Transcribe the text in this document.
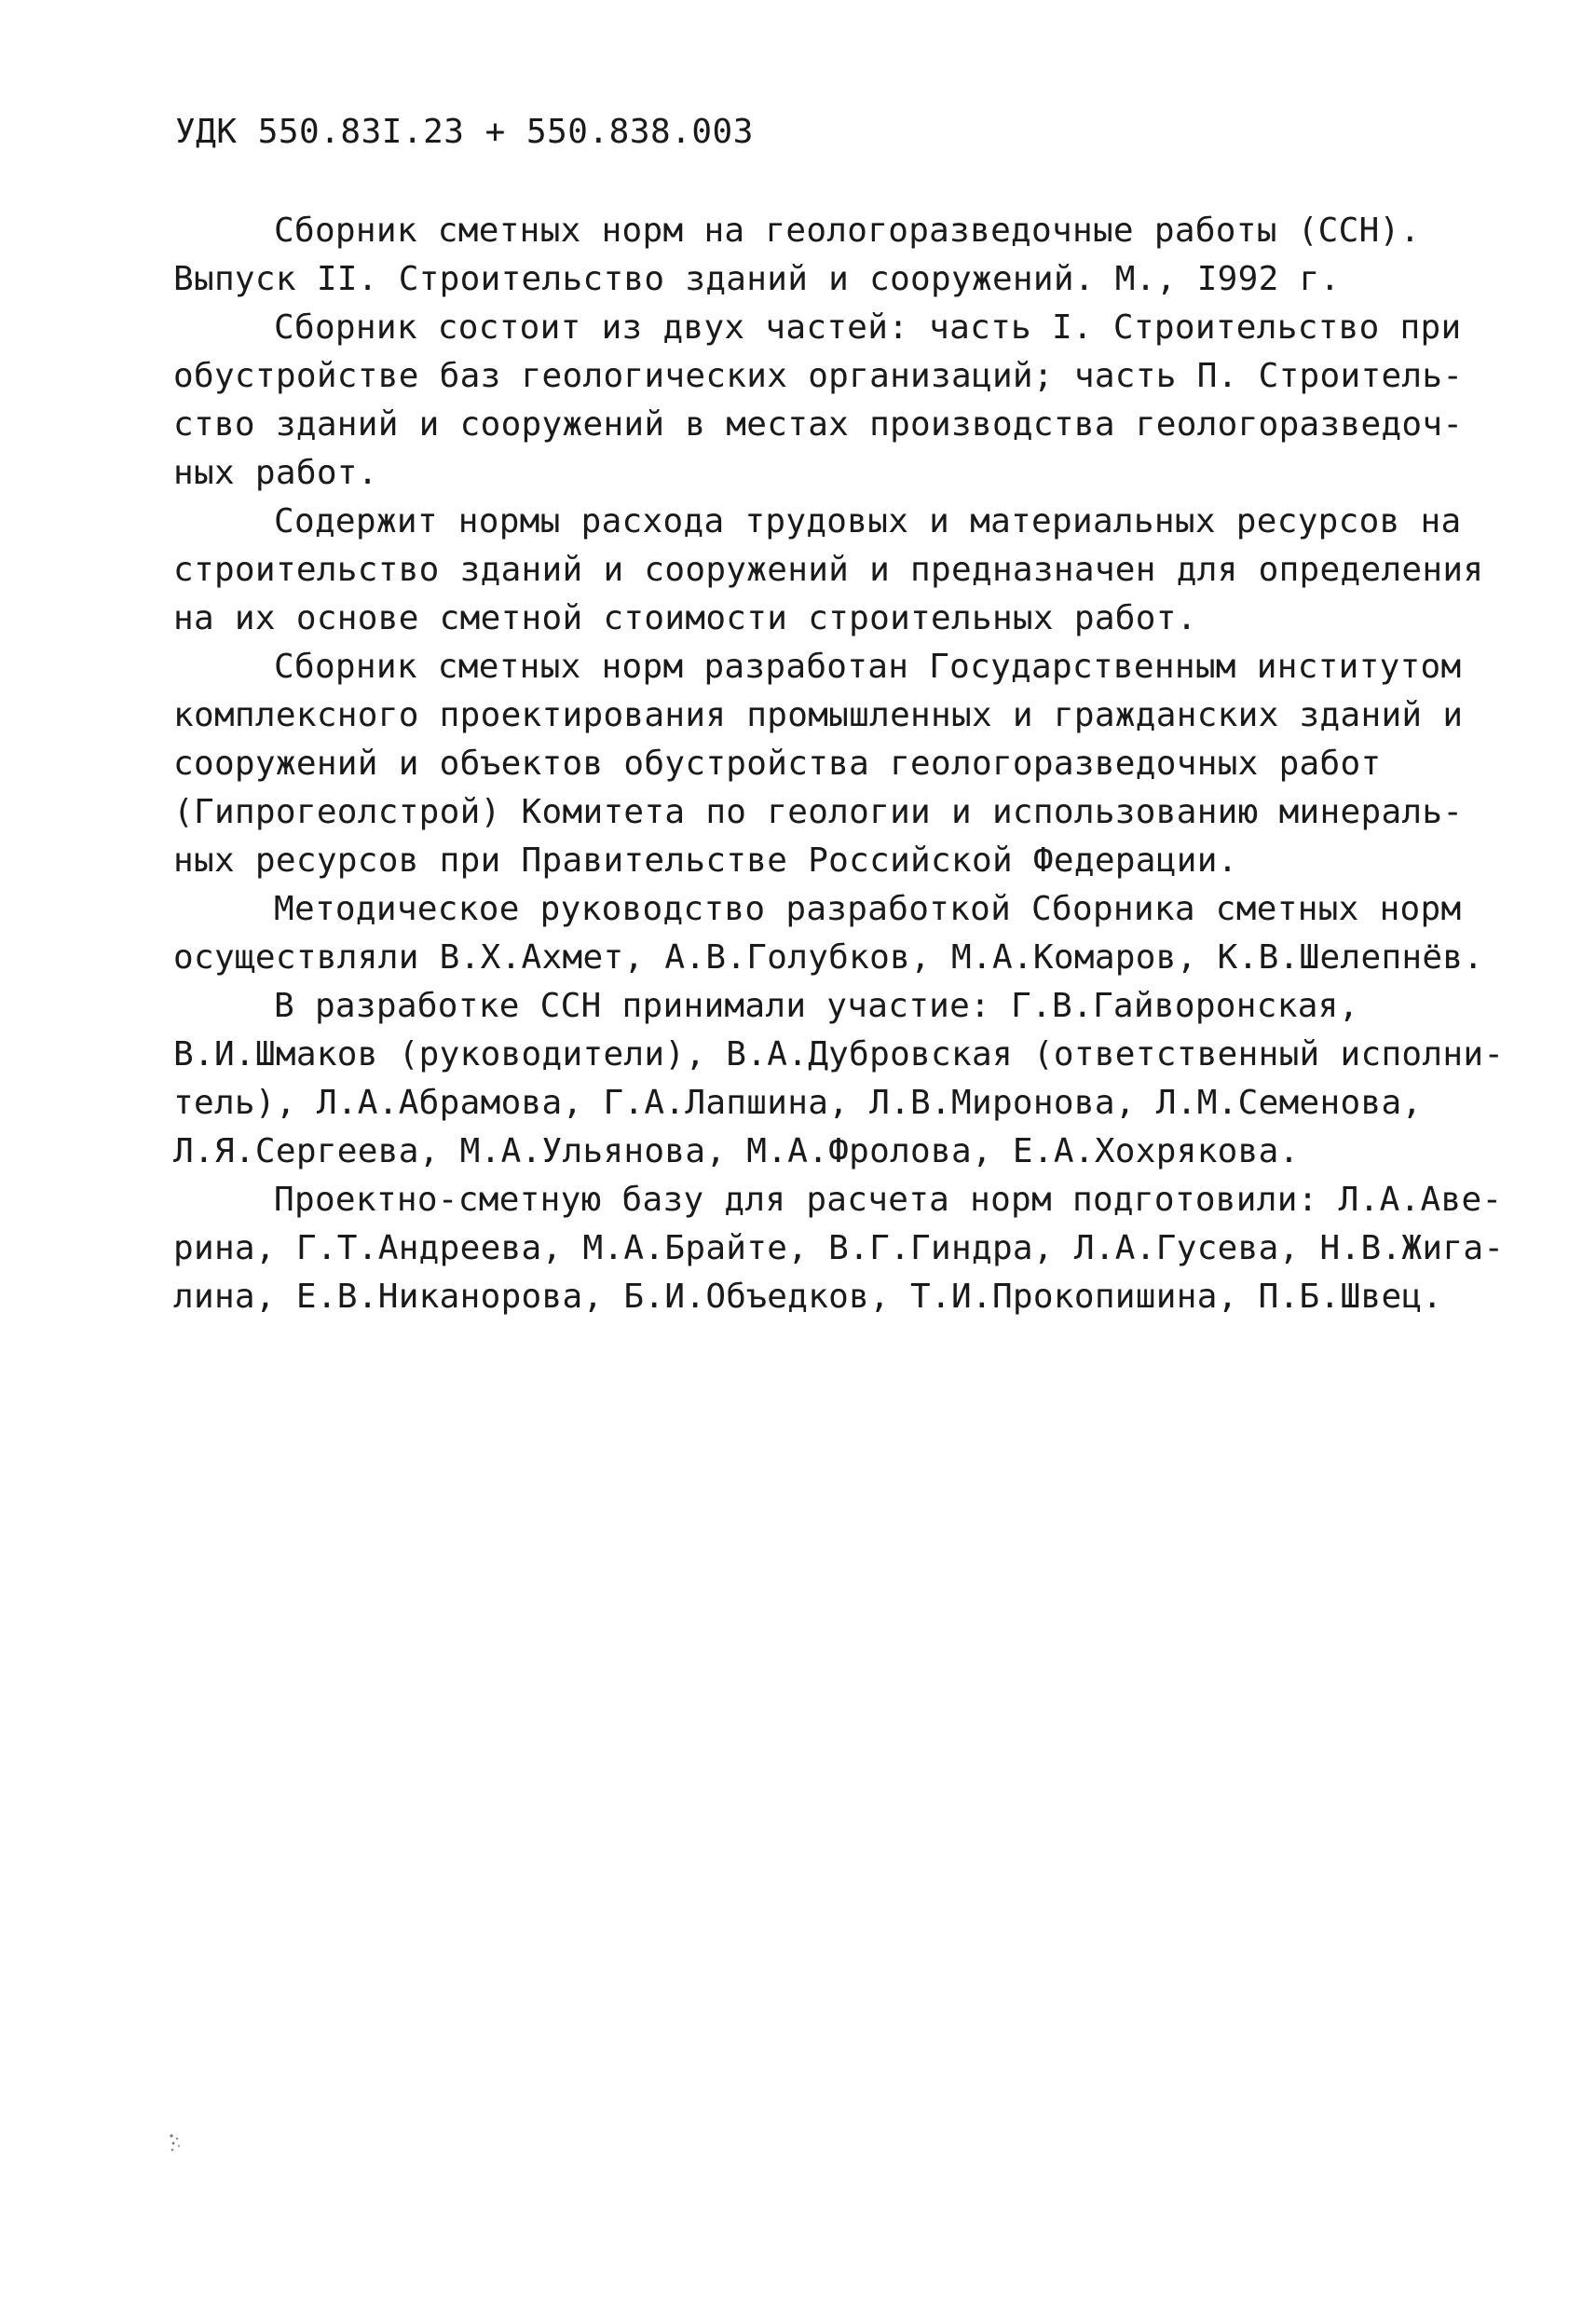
УДК 550.83I.23 + 550.838.003
Сборник сметных норм на геологоразведочные работы (ССН).
Выпуск II. Строительство зданий и сооружений. М., I992 г.
Сборник состоит из двух частей: часть I. Строительство при
обустройстве баз геологических организаций; часть П. Строитель-
ство зданий и сооружений в местах производства геологоразведоч-
ных работ.
Содержит нормы расхода трудовых и материальных ресурсов на
строительство зданий и сооружений и предназначен для определения
на их основе сметной стоимости строительных работ.
Сборник сметных норм разработан Государственным институтом
комплексного проектирования промышленных и гражданских зданий и
сооружений и объектов обустройства геологоразведочных работ
(Гипрогеолстрой) Комитета по геологии и использованию минераль-
ных ресурсов при Правительстве Российской Федерации.
Методическое руководство разработкой Сборника сметных норм
осуществляли В.Х.Ахмет, А.В.Голубков, М.А.Комаров, К.В.Шелепнёв.
В разработке ССН принимали участие: Г.В.Гайворонская,
В.И.Шмаков (руководители), В.А.Дубровская (ответственный исполни-
тель), Л.А.Абрамова, Г.А.Лапшина, Л.В.Миронова, Л.М.Семенова,
Л.Я.Сергеева, М.А.Ульянова, М.А.Фролова, Е.А.Хохрякова.
Проектно-сметную базу для расчета норм подготовили: Л.А.Аве-
рина, Г.Т.Андреева, М.А.Брайте, В.Г.Гиндра, Л.А.Гусева, Н.В.Жига-
лина, Е.В.Никанорова, Б.И.Объедков, Т.И.Прокопишина, П.Б.Швец.
